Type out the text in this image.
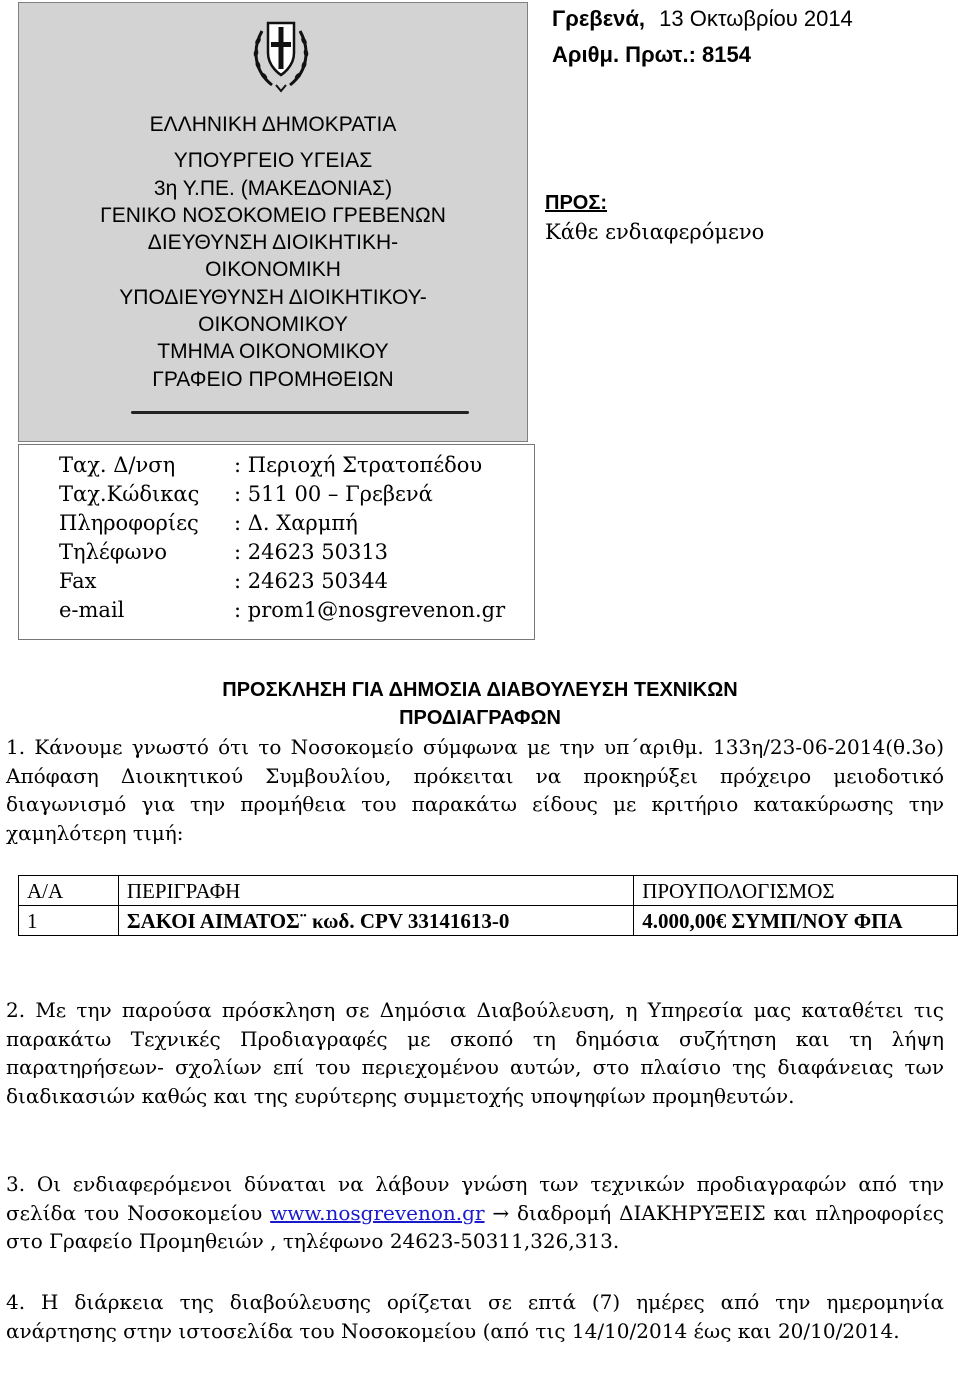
ΕΛΛΗΝΙΚΗ ΔΗΜΟΚΡΑΤΙΑ
ΥΠΟΥΡΓΕΙΟ ΥΓΕΙΑΣ
3η Υ.ΠΕ. (ΜΑΚΕΔΟΝΙΑΣ)
ΓΕΝΙΚΟ ΝΟΣΟΚΟΜΕΙΟ ΓΡΕΒΕΝΩΝ
ΔΙΕΥΘΥΝΣΗ ΔΙΟΙΚΗΤΙΚΗ-
ΟΙΚΟΝΟΜΙΚΗ
ΥΠΟΔΙΕΥΘΥΝΣΗ ΔΙΟΙΚΗΤΙΚΟΥ-
ΟΙΚΟΝΟΜΙΚΟΥ
ΤΜΗΜΑ ΟΙΚΟΝΟΜΙΚΟΥ
ΓΡΑΦΕΙΟ ΠΡΟΜΗΘΕΙΩΝ
Γρεβενά, 13 Οκτωβρίου 2014
Αριθμ. Πρωτ.: 8154
ΠΡΟΣ:
Κάθε ενδιαφερόμενο
Ταχ. Δ/νση	: Περιοχή Στρατοπέδου
Ταχ.Κώδικας : 511 00 – Γρεβενά
Πληροφορίες : Δ. Χαρμπή
Τηλέφωνο	: 24623 50313
Fax	: 24623 50344
e-mail	: prom1@nosgrevenon.gr
ΠΡΟΣΚΛΗΣΗ ΓΙΑ ΔΗΜΟΣΙΑ ΔΙΑΒΟΥΛΕΥΣΗ ΤΕΧΝΙΚΩΝ
ΠΡΟΔΙΑΓΡΑΦΩΝ
1. Κάνουμε γνωστό ότι το Νοσοκομείο σύμφωνα με την υπ΄αριθμ. 133η/23-06-2014(θ.3ο) Απόφαση Διοικητικού Συμβουλίου, πρόκειται να προκηρύξει πρόχειρο μειοδοτικό διαγωνισμό για την προμήθεια του παρακάτω είδους με κριτήριο κατακύρωσης την χαμηλότερη τιμή:
Α/Α	ΠΕΡΙΓΡΑΦΗ	ΠΡΟΥΠΟΛΟΓΙΣΜΟΣ
1	ΣΑΚΟΙ ΑΙΜΑΤΟΣ¨ κωδ. CPV 33141613-0	4.000,00€ ΣΥΜΠ/ΝΟΥ ΦΠΑ
2. Με την παρούσα πρόσκληση σε Δημόσια Διαβούλευση, η Υπηρεσία μας καταθέτει τις παρακάτω Τεχνικές Προδιαγραφές με σκοπό τη δημόσια συζήτηση και τη λήψη παρατηρήσεων- σχολίων επί του περιεχομένου αυτών, στο πλαίσιο της διαφάνειας των διαδικασιών καθώς και της ευρύτερης συμμετοχής υποψηφίων προμηθευτών.
3. Οι ενδιαφερόμενοι δύναται να λάβουν γνώση των τεχνικών προδιαγραφών από την σελίδα του Νοσοκομείου www.nosgrevenon.gr → διαδρομή ΔΙΑΚΗΡΥΞΕΙΣ και πληροφορίες στο Γραφείο Προμηθειών , τηλέφωνο 24623-50311,326,313.
4. Η διάρκεια της διαβούλευσης ορίζεται σε επτά (7) ημέρες από την ημερομηνία ανάρτησης στην ιστοσελίδα του Νοσοκομείου (από τις 14/10/2014 έως και 20/10/2014.
